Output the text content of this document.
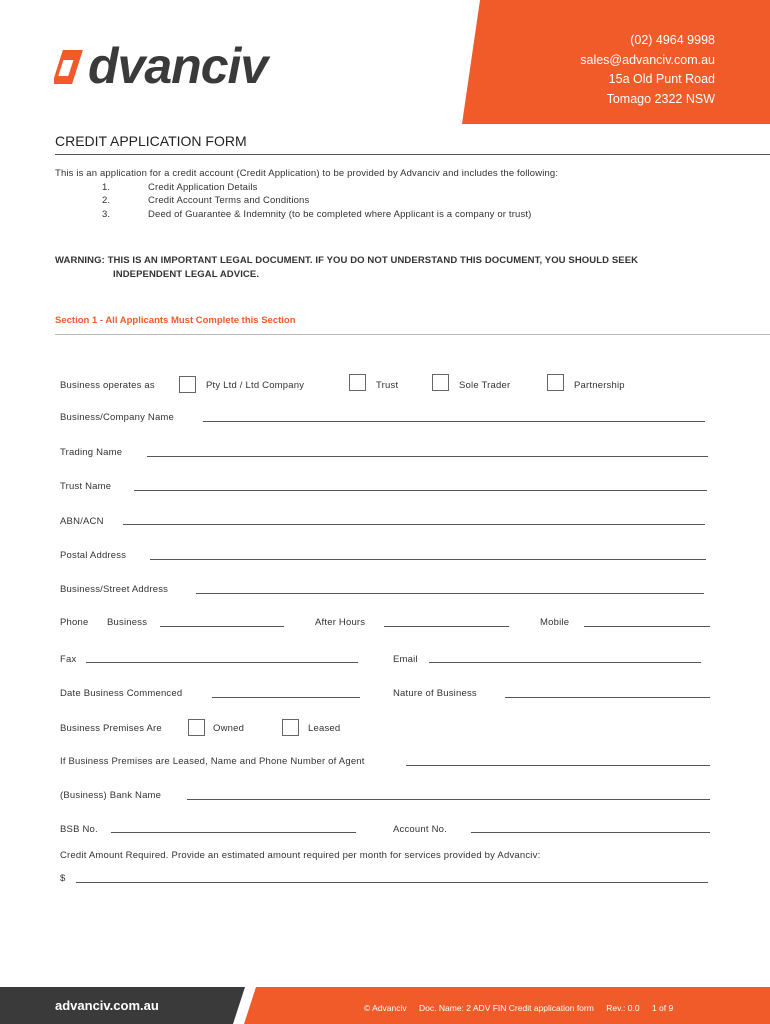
(02) 4964 9998
sales@advanciv.com.au
15a Old Punt Road
Tomago 2322 NSW
dvanciv
CREDIT APPLICATION FORM
This is an application for a credit account (Credit Application) to be provided by Advanciv and includes the following:
1.	Credit Application Details
2.	Credit Account Terms and Conditions
3.	Deed of Guarantee & Indemnity (to be completed where Applicant is a company or trust)
WARNING: THIS IS AN IMPORTANT LEGAL DOCUMENT. IF YOU DO NOT UNDERSTAND THIS DOCUMENT, YOU SHOULD SEEK
INDEPENDENT LEGAL ADVICE.
Section 1 - All Applicants Must Complete this Section
Business operates as	Pty Ltd / Ltd Company	Trust	Sole Trader	Partnership
Business/Company Name
Trading Name
Trust Name
ABN/ACN
Postal Address
Business/Street Address
Phone Business	After Hours	Mobile
Fax	Email
Date Business Commenced	Nature of Business
Business Premises Are	Owned	Leased
If Business Premises are Leased, Name and Phone Number of Agent
(Business) Bank Name
BSB No.	Account No.
Credit Amount Required. Provide an estimated amount required per month for services provided by Advanciv:
$
advanciv.com.au	© Advanciv Doc. Name: 2 ADV FIN Credit application form Rev.: 0.0 1 of 9
